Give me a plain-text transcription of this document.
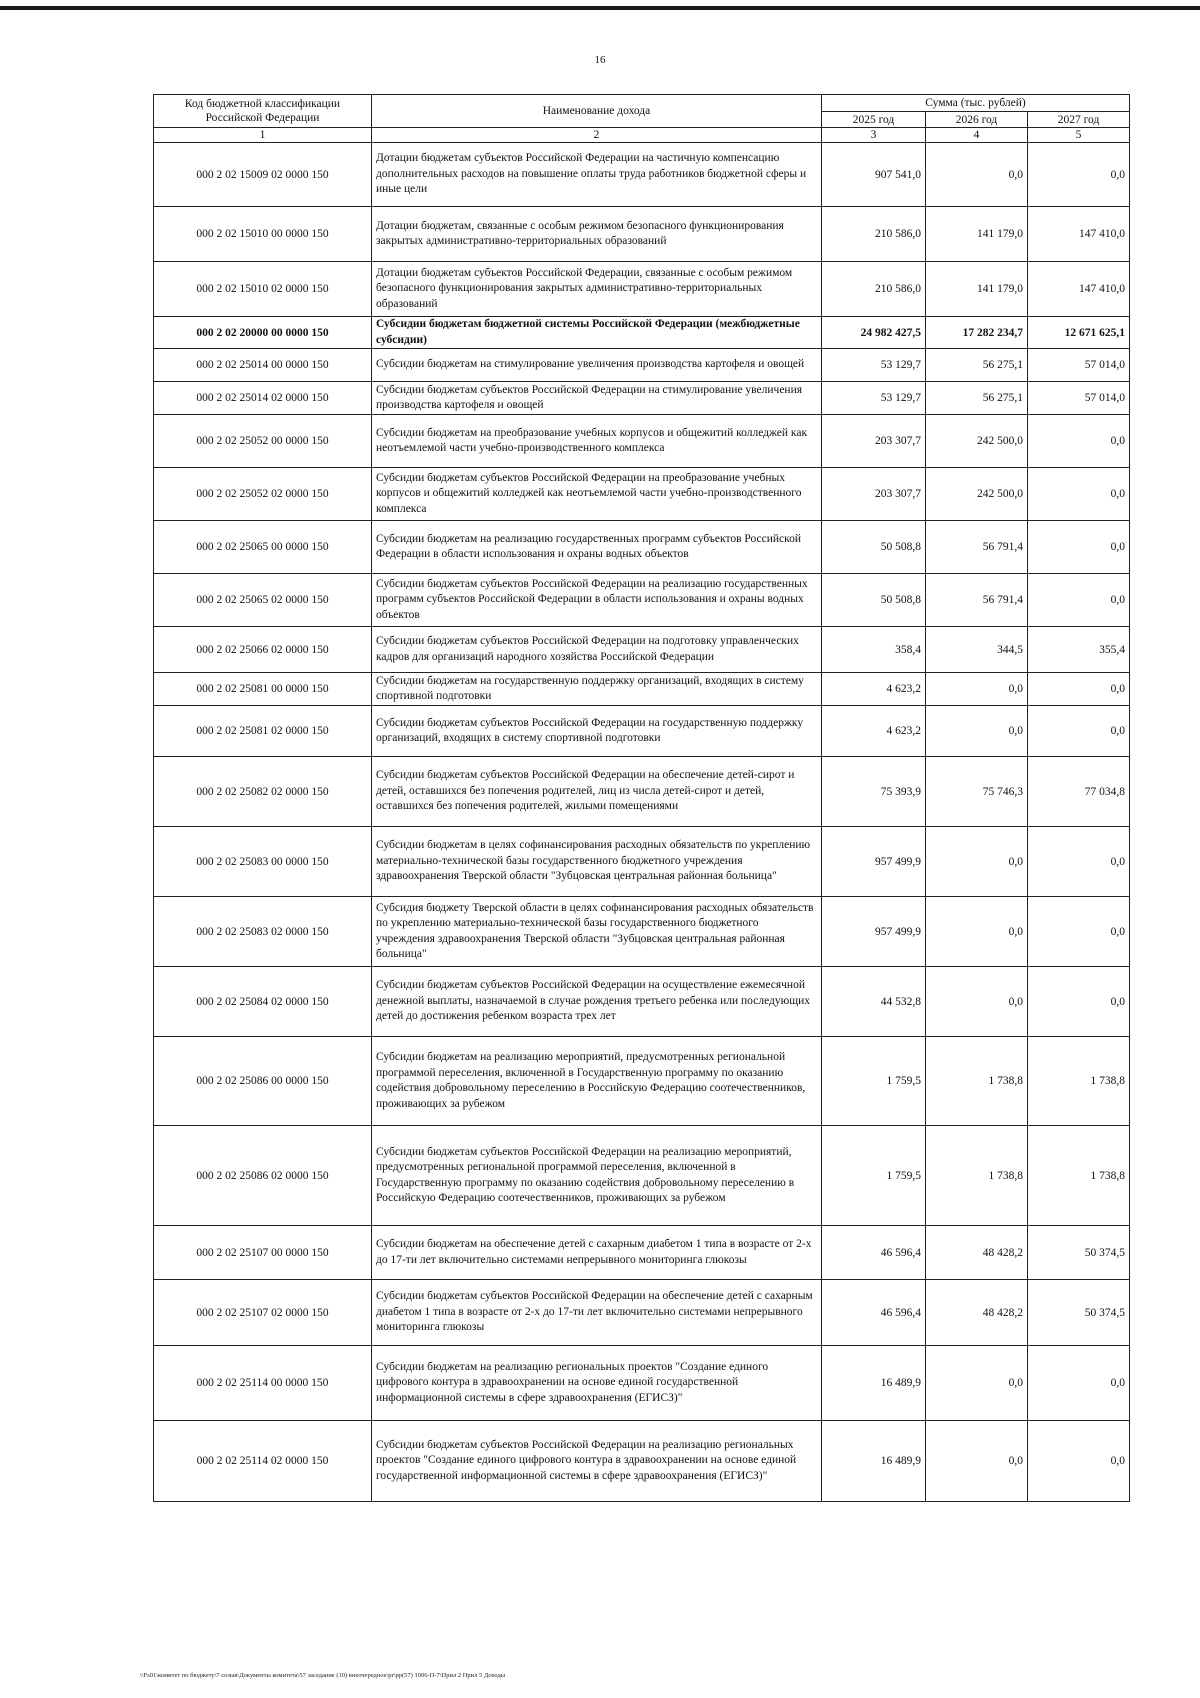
16
Код бюджетной классификации Российской Федерации	Наименование дохода	Сумма (тыс. рублей)		
		2025 год	2026 год	2027 год
1	2	3	4	5
000 2 02 15009 02 0000 150	Дотации бюджетам субъектов Российской Федерации на частичную компенсацию дополнительных расходов на повышение оплаты труда работников бюджетной сферы и иные цели	907 541,0	0,0	0,0
000 2 02 15010 00 0000 150	Дотации бюджетам, связанные с особым режимом безопасного функционирования закрытых административно-территориальных образований	210 586,0	141 179,0	147 410,0
000 2 02 15010 02 0000 150	Дотации бюджетам субъектов Российской Федерации, связанные с особым режимом безопасного функционирования закрытых административно-территориальных образований	210 586,0	141 179,0	147 410,0
000 2 02 20000 00 0000 150	Субсидии бюджетам бюджетной системы Российской Федерации (межбюджетные субсидии)	24 982 427,5	17 282 234,7	12 671 625,1
000 2 02 25014 00 0000 150	Субсидии бюджетам на стимулирование увеличения производства картофеля и овощей	53 129,7	56 275,1	57 014,0
000 2 02 25014 02 0000 150	Субсидии бюджетам субъектов Российской Федерации на стимулирование увеличения производства картофеля и овощей	53 129,7	56 275,1	57 014,0
000 2 02 25052 00 0000 150	Субсидии бюджетам на преобразование учебных корпусов и общежитий колледжей как неотъемлемой части учебно-производственного комплекса	203 307,7	242 500,0	0,0
000 2 02 25052 02 0000 150	Субсидии бюджетам субъектов Российской Федерации на преобразование учебных корпусов и общежитий колледжей как неотъемлемой части учебно-производственного комплекса	203 307,7	242 500,0	0,0
000 2 02 25065 00 0000 150	Субсидии бюджетам на реализацию государственных программ субъектов Российской Федерации в области использования и охраны водных объектов	50 508,8	56 791,4	0,0
000 2 02 25065 02 0000 150	Субсидии бюджетам субъектов Российской Федерации на реализацию государственных программ субъектов Российской Федерации в области использования и охраны водных объектов	50 508,8	56 791,4	0,0
000 2 02 25066 02 0000 150	Субсидии бюджетам субъектов Российской Федерации на подготовку управленческих кадров для организаций народного хозяйства Российской Федерации	358,4	344,5	355,4
000 2 02 25081 00 0000 150	Субсидии бюджетам на государственную поддержку организаций, входящих в систему спортивной подготовки	4 623,2	0,0	0,0
000 2 02 25081 02 0000 150	Субсидии бюджетам субъектов Российской Федерации на государственную поддержку организаций, входящих в систему спортивной подготовки	4 623,2	0,0	0,0
000 2 02 25082 02 0000 150	Субсидии бюджетам субъектов Российской Федерации на обеспечение детей-сирот и детей, оставшихся без попечения родителей, лиц из числа детей-сирот и детей, оставшихся без попечения родителей, жилыми помещениями	75 393,9	75 746,3	77 034,8
000 2 02 25083 00 0000 150	Субсидии бюджетам в целях софинансирования расходных обязательств по укреплению материально-технической базы государственного бюджетного учреждения здравоохранения Тверской области "Зубцовская центральная районная больница"	957 499,9	0,0	0,0
000 2 02 25083 02 0000 150	Субсидия бюджету Тверской области в целях софинансирования расходных обязательств по укреплению материально-технической базы государственного бюджетного учреждения здравоохранения Тверской области "Зубцовская центральная районная больница"	957 499,9	0,0	0,0
000 2 02 25084 02 0000 150	Субсидии бюджетам субъектов Российской Федерации на осуществление ежемесячной денежной выплаты, назначаемой в случае рождения третьего ребенка или последующих детей до достижения ребенком возраста трех лет	44 532,8	0,0	0,0
000 2 02 25086 00 0000 150	Субсидии бюджетам на реализацию мероприятий, предусмотренных региональной программой переселения, включенной в Государственную программу по оказанию содействия добровольному переселению в Российскую Федерацию соотечественников, проживающих за рубежом	1 759,5	1 738,8	1 738,8
000 2 02 25086 02 0000 150	Субсидии бюджетам субъектов Российской Федерации на реализацию мероприятий, предусмотренных региональной программой переселения, включенной в Государственную программу по оказанию содействия добровольному переселению в Российскую Федерацию соотечественников, проживающих за рубежом	1 759,5	1 738,8	1 738,8
000 2 02 25107 00 0000 150	Субсидии бюджетам на обеспечение детей с сахарным диабетом 1 типа в возрасте от 2-х до 17-ти лет включительно системами непрерывного мониторинга глюкозы	46 596,4	48 428,2	50 374,5
000 2 02 25107 02 0000 150	Субсидии бюджетам субъектов Российской Федерации на обеспечение детей с сахарным диабетом 1 типа в возрасте от 2-х до 17-ти лет включительно системами непрерывного мониторинга глюкозы	46 596,4	48 428,2	50 374,5
000 2 02 25114 00 0000 150	Субсидии бюджетам на реализацию региональных проектов "Создание единого цифрового контура в здравоохранении на основе единой государственной информационной системы в сфере здравоохранения (ЕГИСЗ)"	16 489,9	0,0	0,0
000 2 02 25114 02 0000 150	Субсидии бюджетам субъектов Российской Федерации на реализацию региональных проектов "Создание единого цифрового контура в здравоохранении на основе единой государственной информационной системы в сфере здравоохранения (ЕГИСЗ)"	16 489,9	0,0	0,0
\\Fs01\комитет по бюджету\7 созыв\Документы комитета\57 заседание (10) внеочередное\pr\рр(57) 1006-П-7\Прил 2 Прил 5 Доходы
